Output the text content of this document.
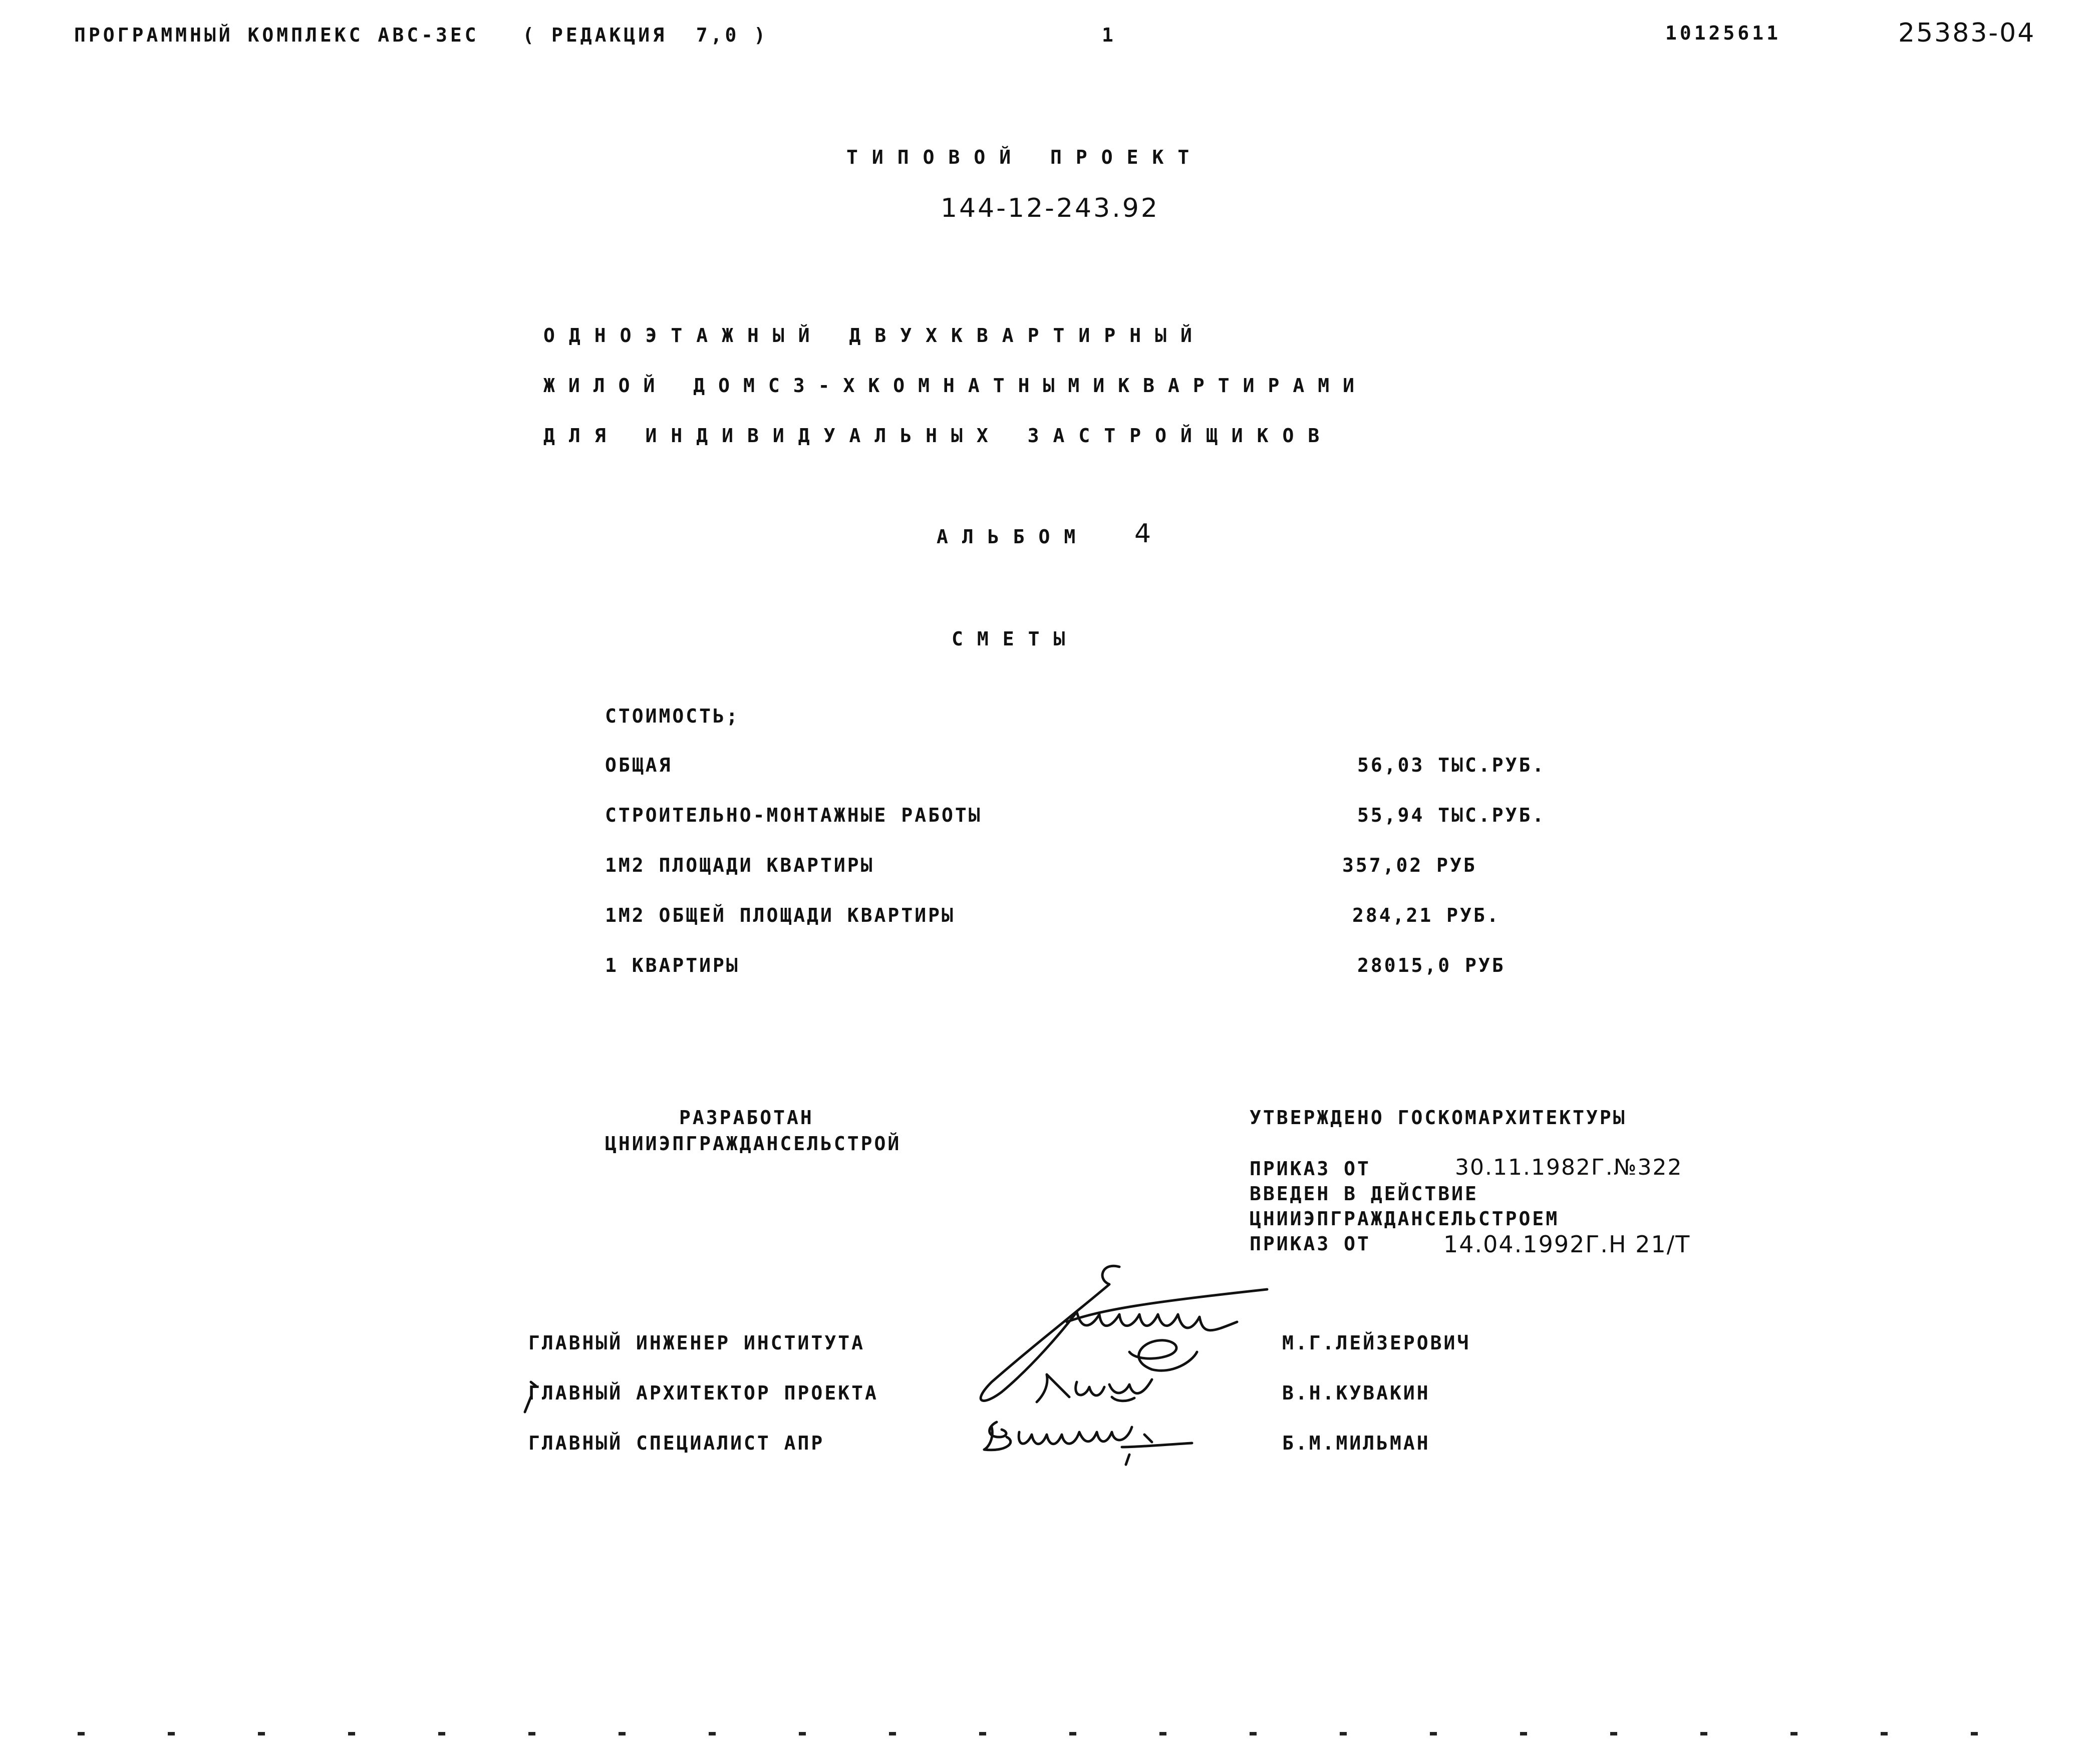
ПРОГРАММНЫЙ КОМПЛЕКС АВС-3ЕС   ( РЕДАКЦИЯ  7,0 )	1	10125611	25383-04
ТИПОВОЙ ПРОЕКТ
144-12-243.92
ОДНОЭТАЖНЫЙ ДВУХКВАРТИРНЫЙ
ЖИЛОЙ ДОМС3-ХКОМНАТНЫМИКВАРТИРАМИ
ДЛЯ ИНДИВИДУАЛЬНЫХ ЗАСТРОЙЩИКОВ
АЛЬБОМ 4
СМЕТЫ
СТОИМОСТЬ;
ОБЩАЯ	56,03 ТЫС.РУБ.
СТРОИТЕЛЬНО-МОНТАЖНЫЕ РАБОТЫ	55,94 ТЫС.РУБ.
1М2 ПЛОЩАДИ КВАРТИРЫ	357,02 РУБ
1М2 ОБЩЕЙ ПЛОЩАДИ КВАРТИРЫ	284,21 РУБ.
1 КВАРТИРЫ	28015,0 РУБ
РАЗРАБОТАН
ЦНИИЭПГРАЖДАНСЕЛЬСТРОЙ
УТВЕРЖДЕНО ГОСКОМАРХИТЕКТУРЫ
ПРИКАЗ ОТ	30.11.1982Г.№322
ВВЕДЕН В ДЕЙСТВИЕ
ЦНИИЭПГРАЖДАНСЕЛЬСТРОЕМ
ПРИКАЗ ОТ	14.04.1992Г.Н 21/Т
ГЛАВНЫЙ ИНЖЕНЕР ИНСТИТУТА	М.Г.ЛЕЙЗЕРОВИЧ
ГЛАВНЫЙ АРХИТЕКТОР ПРОЕКТА	В.Н.КУВАКИН
ГЛАВНЫЙ СПЕЦИАЛИСТ АПР	Б.М.МИЛЬМАН
